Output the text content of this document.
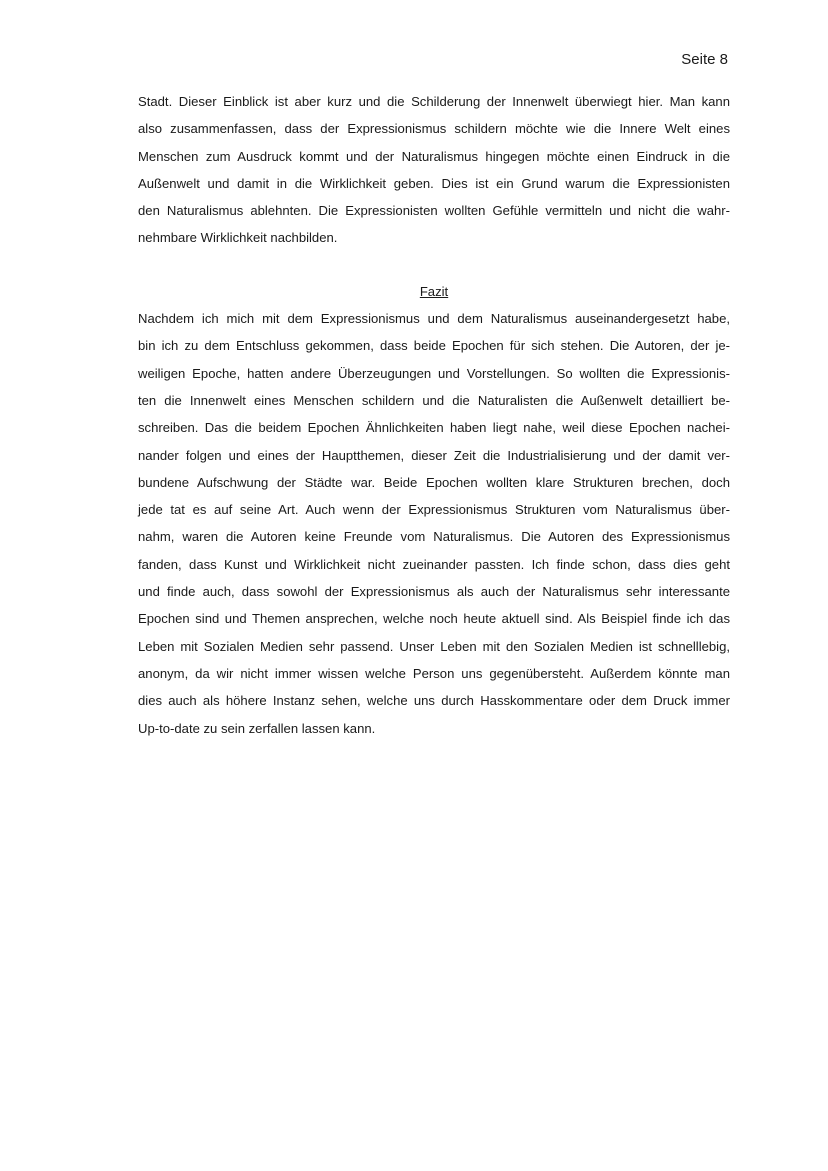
Seite 8

Stadt. Dieser Einblick ist aber kurz und die Schilderung der Innenwelt überwiegt hier. Man kann
also zusammenfassen, dass der Expressionismus schildern möchte wie die Innere Welt eines
Menschen zum Ausdruck kommt und der Naturalismus hingegen möchte einen Eindruck in die
Außenwelt und damit in die Wirklichkeit geben. Dies ist ein Grund warum die Expressionisten
den Naturalismus ablehnten. Die Expressionisten wollten Gefühle vermitteln und nicht die wahr-
nehmbare Wirklichkeit nachbilden.

Fazit

Nachdem ich mich mit dem Expressionismus und dem Naturalismus auseinandergesetzt habe,
bin ich zu dem Entschluss gekommen, dass beide Epochen für sich stehen. Die Autoren, der je-
weiligen Epoche, hatten andere Überzeugungen und Vorstellungen. So wollten die Expressionis-
ten die Innenwelt eines Menschen schildern und die Naturalisten die Außenwelt detailliert be-
schreiben. Das die beidem Epochen Ähnlichkeiten haben liegt nahe, weil diese Epochen nachei-
nander folgen und eines der Hauptthemen, dieser Zeit die Industrialisierung und der damit ver-
bundene Aufschwung der Städte war. Beide Epochen wollten klare Strukturen brechen, doch
jede tat es auf seine Art. Auch wenn der Expressionismus Strukturen vom Naturalismus über-
nahm, waren die Autoren keine Freunde vom Naturalismus. Die Autoren des Expressionismus
fanden, dass Kunst und Wirklichkeit nicht zueinander passten. Ich finde schon, dass dies geht
und finde auch, dass sowohl der Expressionismus als auch der Naturalismus sehr interessante
Epochen sind und Themen ansprechen, welche noch heute aktuell sind. Als Beispiel finde ich das
Leben mit Sozialen Medien sehr passend. Unser Leben mit den Sozialen Medien ist schnelllebig,
anonym, da wir nicht immer wissen welche Person uns gegenübersteht. Außerdem könnte man
dies auch als höhere Instanz sehen, welche uns durch Hasskommentare oder dem Druck immer
Up-to-date zu sein zerfallen lassen kann.
